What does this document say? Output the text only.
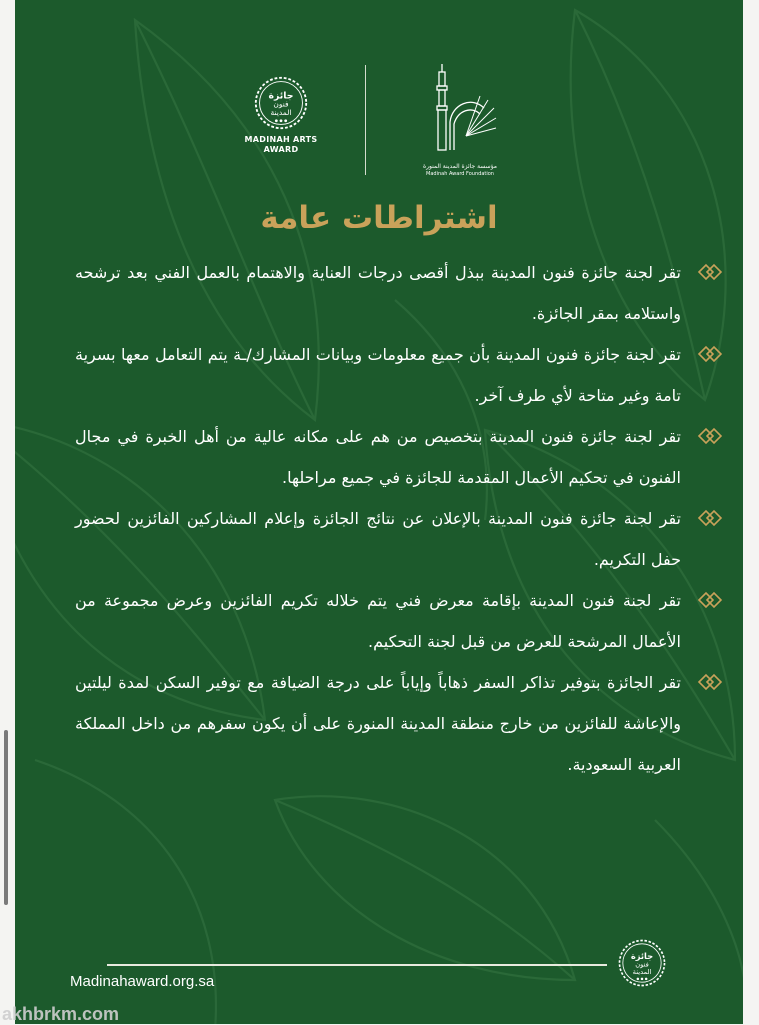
جائزة
فنون
المدينة
MADINAH ARTS AWARD
مؤسسة جائزة المدينة المنورة
Madinah Award Foundation
اشتراطات عامة
تقر لجنة جائزة فنون المدينة ببذل أقصى درجات العناية والاهتمام بالعمل الفني بعد ترشحه واستلامه بمقر الجائزة.
تقر لجنة جائزة فنون المدينة بأن جميع معلومات وبيانات المشارك/ـة يتم التعامل معها بسرية تامة وغير متاحة لأي طرف آخر.
تقر لجنة جائزة فنون المدينة بتخصيص من هم على مكانه عالية من أهل الخبرة في مجال الفنون في تحكيم الأعمال المقدمة للجائزة في جميع مراحلها.
تقر لجنة جائزة فنون المدينة بالإعلان عن نتائج الجائزة وإعلام المشاركين الفائزين لحضور حفل التكريم.
تقر لجنة فنون المدينة بإقامة معرض فني يتم خلاله تكريم الفائزين وعرض مجموعة من الأعمال المرشحة للعرض من قبل لجنة التحكيم.
تقر الجائزة بتوفير تذاكر السفر ذهاباً وإياباً على درجة الضيافة مع توفير السكن لمدة ليلتين والإعاشة للفائزين من خارج منطقة المدينة المنورة على أن يكون سفرهم من داخل المملكة العربية السعودية.
Madinahaward.org.sa
جائزة
فنون
المدينة
akhbrkm.com
